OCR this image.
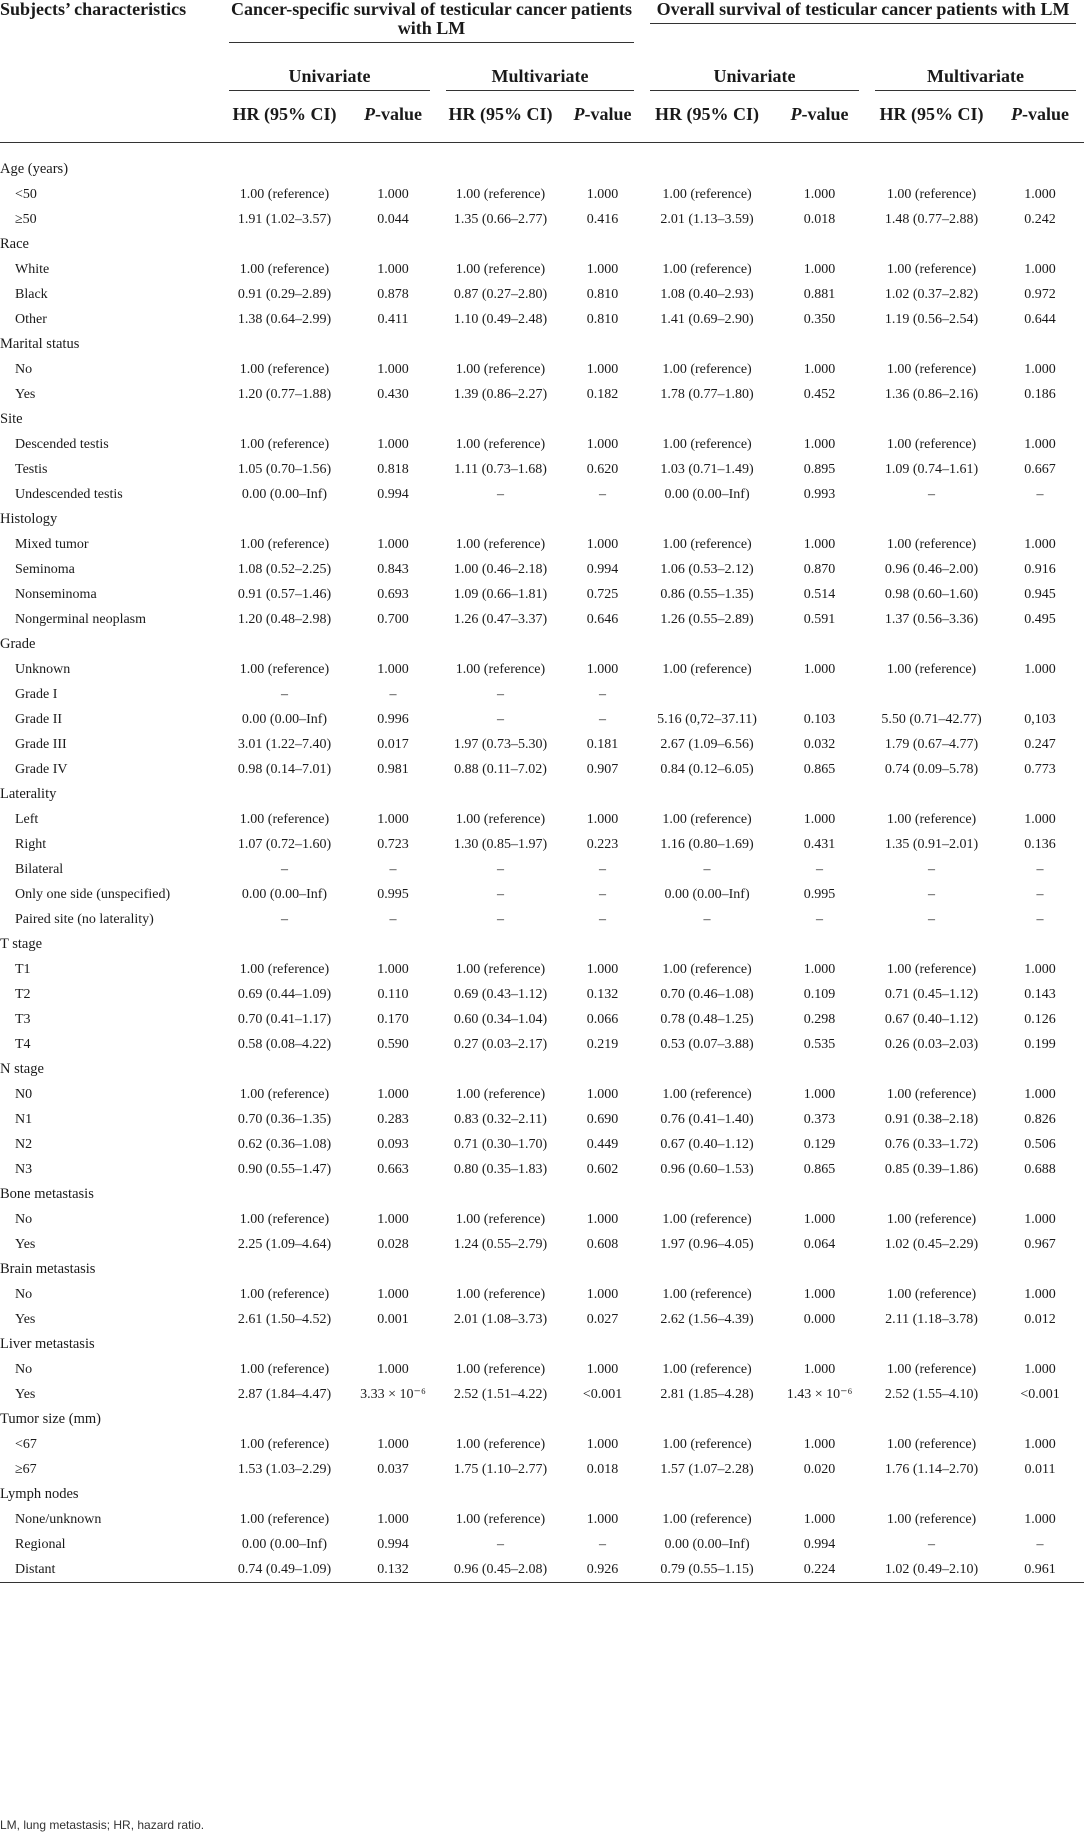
Subjects’ characteristics	Cancer-specific survival of testicular cancer patients with LM				Overall survival of testicular cancer patients with LM			

	Univariate		Multivariate		Univariate		Multivariate	

	HR (95% CI)	P-value	HR (95% CI)	P-value	HR (95% CI)	P-value	HR (95% CI)	P-value

Age (years)								
<50	1.00 (reference)	1.000	1.00 (reference)	1.000	1.00 (reference)	1.000	1.00 (reference)	1.000
≥50	1.91 (1.02–3.57)	0.044	1.35 (0.66–2.77)	0.416	2.01 (1.13–3.59)	0.018	1.48 (0.77–2.88)	0.242
Race								
White	1.00 (reference)	1.000	1.00 (reference)	1.000	1.00 (reference)	1.000	1.00 (reference)	1.000
Black	0.91 (0.29–2.89)	0.878	0.87 (0.27–2.80)	0.810	1.08 (0.40–2.93)	0.881	1.02 (0.37–2.82)	0.972
Other	1.38 (0.64–2.99)	0.411	1.10 (0.49–2.48)	0.810	1.41 (0.69–2.90)	0.350	1.19 (0.56–2.54)	0.644
Marital status								
No	1.00 (reference)	1.000	1.00 (reference)	1.000	1.00 (reference)	1.000	1.00 (reference)	1.000
Yes	1.20 (0.77–1.88)	0.430	1.39 (0.86–2.27)	0.182	1.78 (0.77–1.80)	0.452	1.36 (0.86–2.16)	0.186
Site								
Descended testis	1.00 (reference)	1.000	1.00 (reference)	1.000	1.00 (reference)	1.000	1.00 (reference)	1.000
Testis	1.05 (0.70–1.56)	0.818	1.11 (0.73–1.68)	0.620	1.03 (0.71–1.49)	0.895	1.09 (0.74–1.61)	0.667
Undescended testis	0.00 (0.00–Inf)	0.994	–	–	0.00 (0.00–Inf)	0.993	–	–
Histology								
Mixed tumor	1.00 (reference)	1.000	1.00 (reference)	1.000	1.00 (reference)	1.000	1.00 (reference)	1.000
Seminoma	1.08 (0.52–2.25)	0.843	1.00 (0.46–2.18)	0.994	1.06 (0.53–2.12)	0.870	0.96 (0.46–2.00)	0.916
Nonseminoma	0.91 (0.57–1.46)	0.693	1.09 (0.66–1.81)	0.725	0.86 (0.55–1.35)	0.514	0.98 (0.60–1.60)	0.945
Nongerminal neoplasm	1.20 (0.48–2.98)	0.700	1.26 (0.47–3.37)	0.646	1.26 (0.55–2.89)	0.591	1.37 (0.56–3.36)	0.495
Grade								
Unknown	1.00 (reference)	1.000	1.00 (reference)	1.000	1.00 (reference)	1.000	1.00 (reference)	1.000
Grade I	–	–	–	–				
Grade II	0.00 (0.00–Inf)	0.996	–	–	5.16 (0,72–37.11)	0.103	5.50 (0.71–42.77)	0,103
Grade III	3.01 (1.22–7.40)	0.017	1.97 (0.73–5.30)	0.181	2.67 (1.09–6.56)	0.032	1.79 (0.67–4.77)	0.247
Grade IV	0.98 (0.14–7.01)	0.981	0.88 (0.11–7.02)	0.907	0.84 (0.12–6.05)	0.865	0.74 (0.09–5.78)	0.773
Laterality								
Left	1.00 (reference)	1.000	1.00 (reference)	1.000	1.00 (reference)	1.000	1.00 (reference)	1.000
Right	1.07 (0.72–1.60)	0.723	1.30 (0.85–1.97)	0.223	1.16 (0.80–1.69)	0.431	1.35 (0.91–2.01)	0.136
Bilateral	–	–	–	–	–	–	–	–
Only one side (unspecified)	0.00 (0.00–Inf)	0.995	–	–	0.00 (0.00–Inf)	0.995	–	–
Paired site (no laterality)	–	–	–	–	–	–	–	–
T stage								
T1	1.00 (reference)	1.000	1.00 (reference)	1.000	1.00 (reference)	1.000	1.00 (reference)	1.000
T2	0.69 (0.44–1.09)	0.110	0.69 (0.43–1.12)	0.132	0.70 (0.46–1.08)	0.109	0.71 (0.45–1.12)	0.143
T3	0.70 (0.41–1.17)	0.170	0.60 (0.34–1.04)	0.066	0.78 (0.48–1.25)	0.298	0.67 (0.40–1.12)	0.126
T4	0.58 (0.08–4.22)	0.590	0.27 (0.03–2.17)	0.219	0.53 (0.07–3.88)	0.535	0.26 (0.03–2.03)	0.199
N stage								
N0	1.00 (reference)	1.000	1.00 (reference)	1.000	1.00 (reference)	1.000	1.00 (reference)	1.000
N1	0.70 (0.36–1.35)	0.283	0.83 (0.32–2.11)	0.690	0.76 (0.41–1.40)	0.373	0.91 (0.38–2.18)	0.826
N2	0.62 (0.36–1.08)	0.093	0.71 (0.30–1.70)	0.449	0.67 (0.40–1.12)	0.129	0.76 (0.33–1.72)	0.506
N3	0.90 (0.55–1.47)	0.663	0.80 (0.35–1.83)	0.602	0.96 (0.60–1.53)	0.865	0.85 (0.39–1.86)	0.688
Bone metastasis								
No	1.00 (reference)	1.000	1.00 (reference)	1.000	1.00 (reference)	1.000	1.00 (reference)	1.000
Yes	2.25 (1.09–4.64)	0.028	1.24 (0.55–2.79)	0.608	1.97 (0.96–4.05)	0.064	1.02 (0.45–2.29)	0.967
Brain metastasis								
No	1.00 (reference)	1.000	1.00 (reference)	1.000	1.00 (reference)	1.000	1.00 (reference)	1.000
Yes	2.61 (1.50–4.52)	0.001	2.01 (1.08–3.73)	0.027	2.62 (1.56–4.39)	0.000	2.11 (1.18–3.78)	0.012
Liver metastasis								
No	1.00 (reference)	1.000	1.00 (reference)	1.000	1.00 (reference)	1.000	1.00 (reference)	1.000
Yes	2.87 (1.84–4.47)	3.33 × 10⁻⁶	2.52 (1.51–4.22)	<0.001	2.81 (1.85–4.28)	1.43 × 10⁻⁶	2.52 (1.55–4.10)	<0.001
Tumor size (mm)								
<67	1.00 (reference)	1.000	1.00 (reference)	1.000	1.00 (reference)	1.000	1.00 (reference)	1.000
≥67	1.53 (1.03–2.29)	0.037	1.75 (1.10–2.77)	0.018	1.57 (1.07–2.28)	0.020	1.76 (1.14–2.70)	0.011
Lymph nodes								
None/unknown	1.00 (reference)	1.000	1.00 (reference)	1.000	1.00 (reference)	1.000	1.00 (reference)	1.000
Regional	0.00 (0.00–Inf)	0.994	–	–	0.00 (0.00–Inf)	0.994	–	–
Distant	0.74 (0.49–1.09)	0.132	0.96 (0.45–2.08)	0.926	0.79 (0.55–1.15)	0.224	1.02 (0.49–2.10)	0.961
LM, lung metastasis; HR, hazard ratio.
